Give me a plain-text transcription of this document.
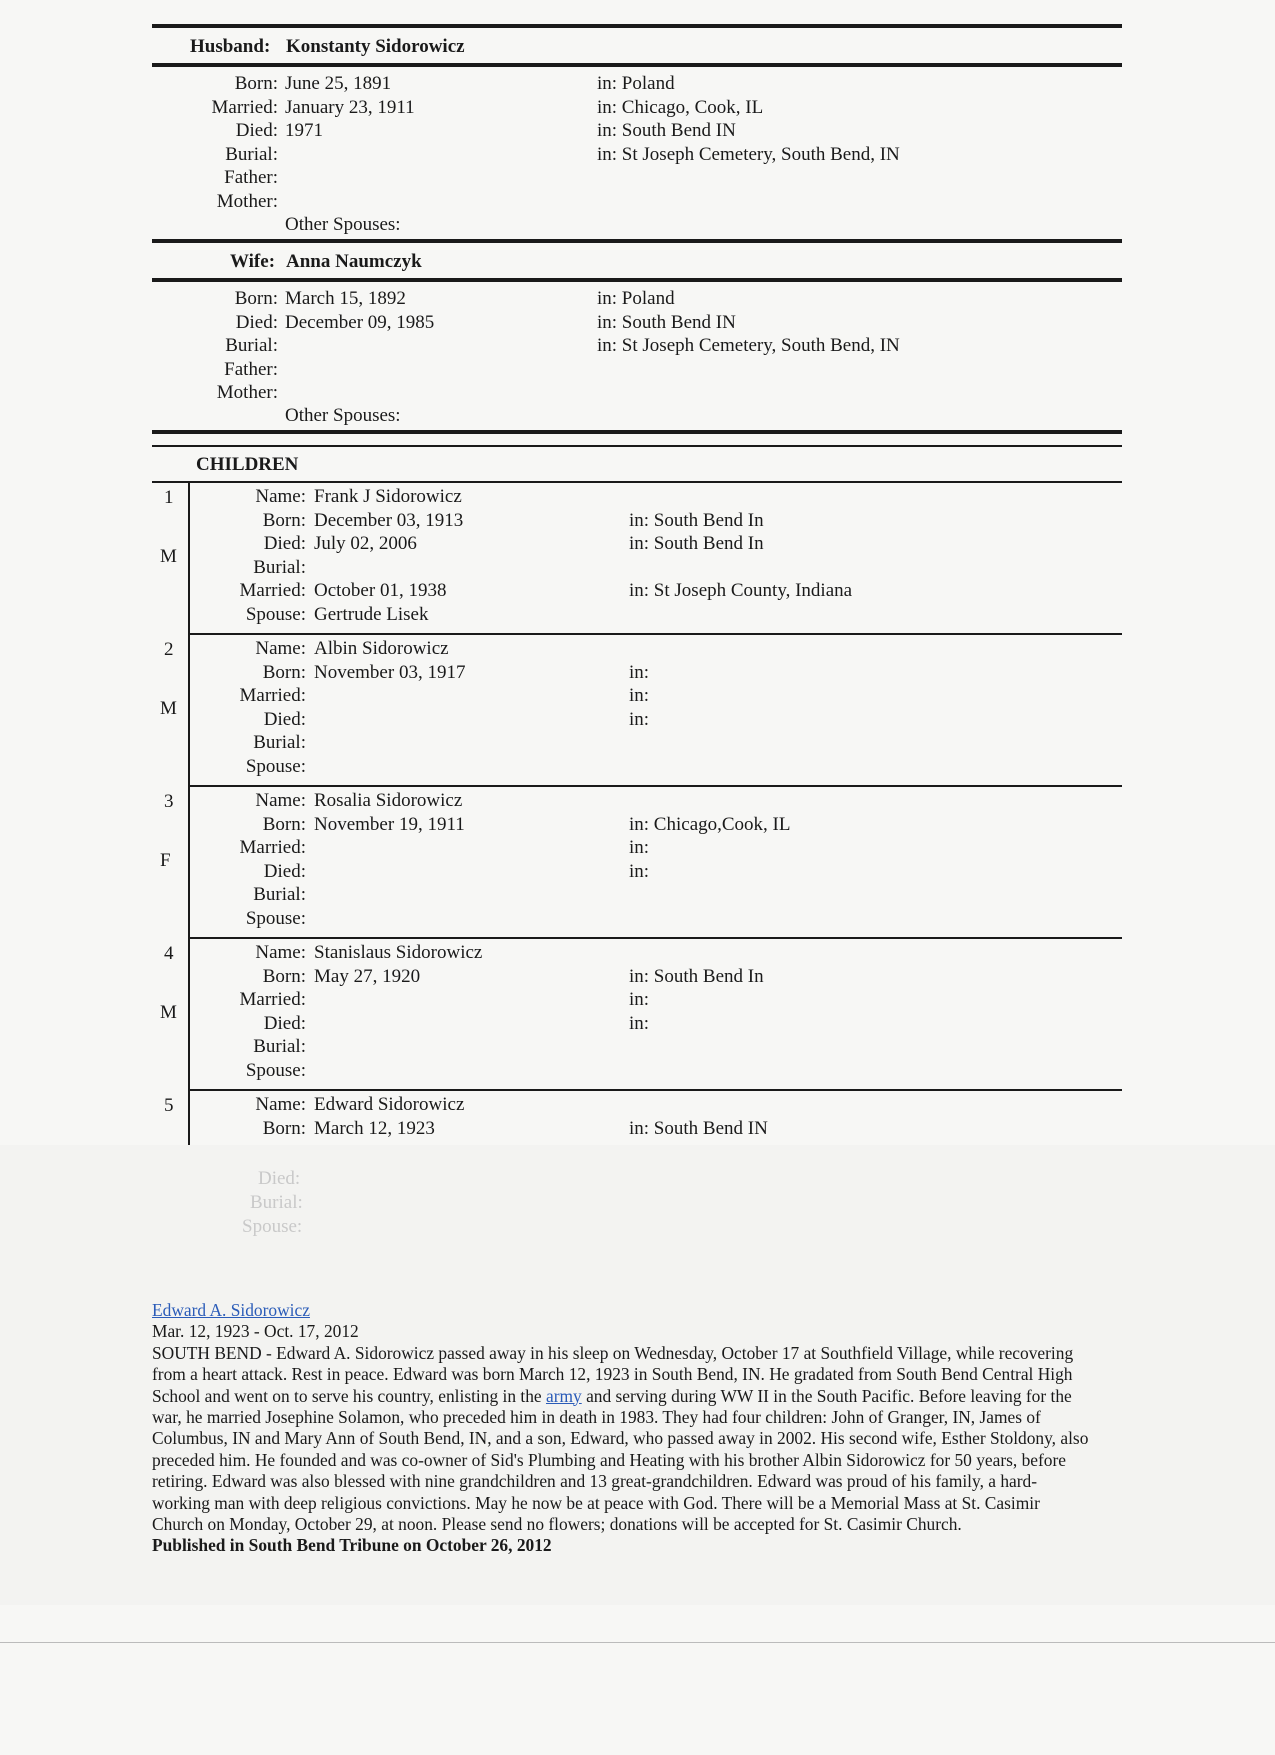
Husband: Konstanty Sidorowicz
Born: June 25, 1891	in: Poland
Married: January 23, 1911	in: Chicago, Cook, IL
Died: 1971	in: South Bend IN
Burial:	in: St Joseph Cemetery, South Bend, IN
Father:
Mother:
Other Spouses:
Wife: Anna Naumczyk
Born: March 15, 1892	in: Poland
Died: December 09, 1985	in: South Bend IN
Burial:	in: St Joseph Cemetery, South Bend, IN
Father:
Mother:
Other Spouses:
CHILDREN
1
M
Name: Frank J Sidorowicz
Born: December 03, 1913	in: South Bend In
Died: July 02, 2006	in: South Bend In
Burial:
Married: October 01, 1938	in: St Joseph County, Indiana
Spouse: Gertrude Lisek
2
M
Name: Albin Sidorowicz
Born: November 03, 1917	in:
Married:	in:
Died:	in:
Burial:
Spouse:
3
F
Name: Rosalia Sidorowicz
Born: November 19, 1911	in: Chicago,Cook, IL
Married:	in:
Died:	in:
Burial:
Spouse:
4
M
Name: Stanislaus Sidorowicz
Born: May 27, 1920	in: South Bend In
Married:	in:
Died:	in:
Burial:
Spouse:
5	Name: Edward Sidorowicz
Born: March 12, 1923	in: South Bend IN
Died:
Burial:
Spouse:
Edward A. Sidorowicz
Mar. 12, 1923 - Oct. 17, 2012
SOUTH BEND - Edward A. Sidorowicz passed away in his sleep on Wednesday, October 17 at Southfield Village, while recovering from a heart attack. Rest in peace. Edward was born March 12, 1923 in South Bend, IN. He gradated from South Bend Central High School and went on to serve his country, enlisting in the army and serving during WW II in the South Pacific. Before leaving for the war, he married Josephine Solamon, who preceded him in death in 1983. They had four children: John of Granger, IN, James of Columbus, IN and Mary Ann of South Bend, IN, and a son, Edward, who passed away in 2002. His second wife, Esther Stoldony, also preceded him. He founded and was co-owner of Sid's Plumbing and Heating with his brother Albin Sidorowicz for 50 years, before retiring. Edward was also blessed with nine grandchildren and 13 great-grandchildren. Edward was proud of his family, a hard-working man with deep religious convictions. May he now be at peace with God. There will be a Memorial Mass at St. Casimir Church on Monday, October 29, at noon. Please send no flowers; donations will be accepted for St. Casimir Church.
Published in South Bend Tribune on October 26, 2012
